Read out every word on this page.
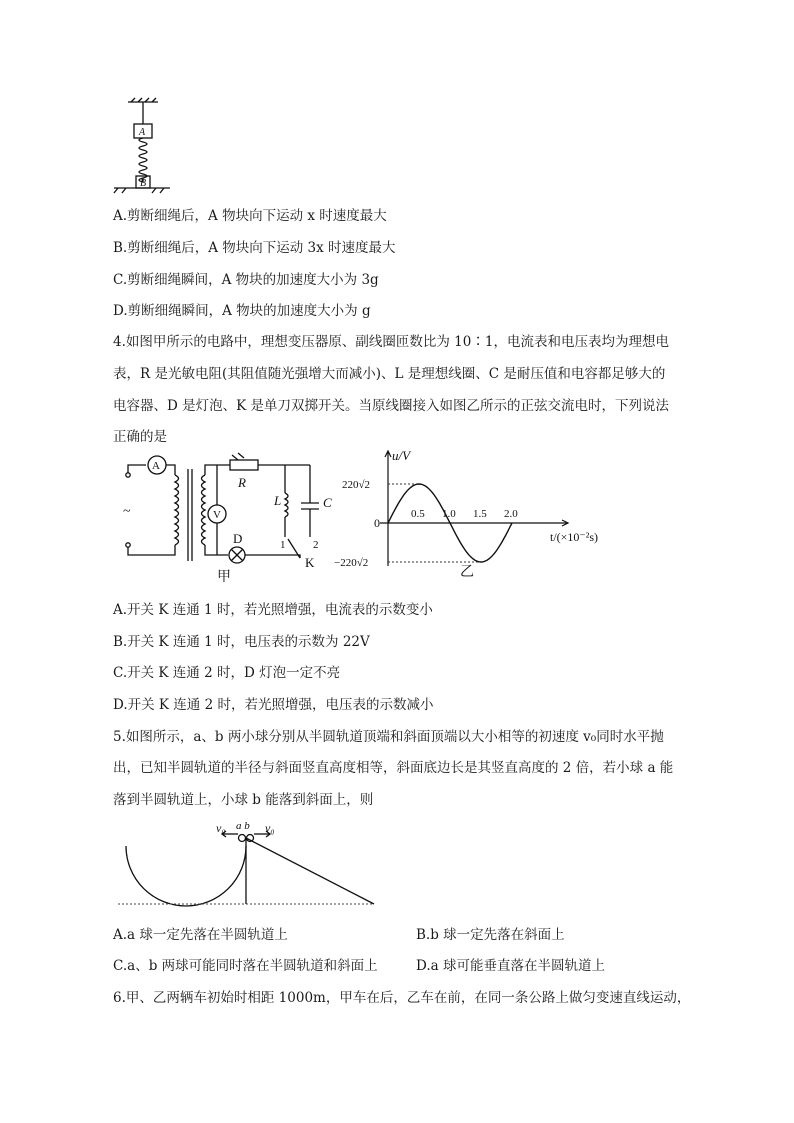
A
B
A.剪断细绳后，A 物块向下运动 x 时速度最大
B.剪断细绳后，A 物块向下运动 3x 时速度最大
C.剪断细绳瞬间，A 物块的加速度大小为 3g
D.剪断细绳瞬间，A 物块的加速度大小为 g
4.如图甲所示的电路中，理想变压器原、副线圈匝数比为 10∶1，电流表和电压表均为理想电
表，R 是光敏电阻(其阻值随光强增大而减小)、L 是理想线圈、C 是耐压值和电容都足够大的
电容器、D 是灯泡、K 是单刀双掷开关。当原线圈接入如图乙所示的正弦交流电时，下列说法
正确的是
~
A
V
R
L
1
C
2
K
D
甲
u/V
t/(×10⁻²s)
0
220√2
−220√2
0.5 1.0 1.5 2.0
乙
A.开关 K 连通 1 时，若光照增强，电流表的示数变小
B.开关 K 连通 1 时，电压表的示数为 22V
C.开关 K 连通 2 时，D 灯泡一定不亮
D.开关 K 连通 2 时，若光照增强，电压表的示数减小
5.如图所示，a、b 两小球分别从半圆轨道顶端和斜面顶端以大小相等的初速度 v₀同时水平抛
出，已知半圆轨道的半径与斜面竖直高度相等，斜面底边长是其竖直高度的 2 倍，若小球 a 能
落到半圆轨道上，小球 b 能落到斜面上，则
v₀ a b v₀
A.a 球一定先落在半圆轨道上	B.b 球一定先落在斜面上
C.a、b 两球可能同时落在半圆轨道和斜面上	D.a 球可能垂直落在半圆轨道上
6.甲、乙两辆车初始时相距 1000m，甲车在后，乙车在前，在同一条公路上做匀变速直线运动，
